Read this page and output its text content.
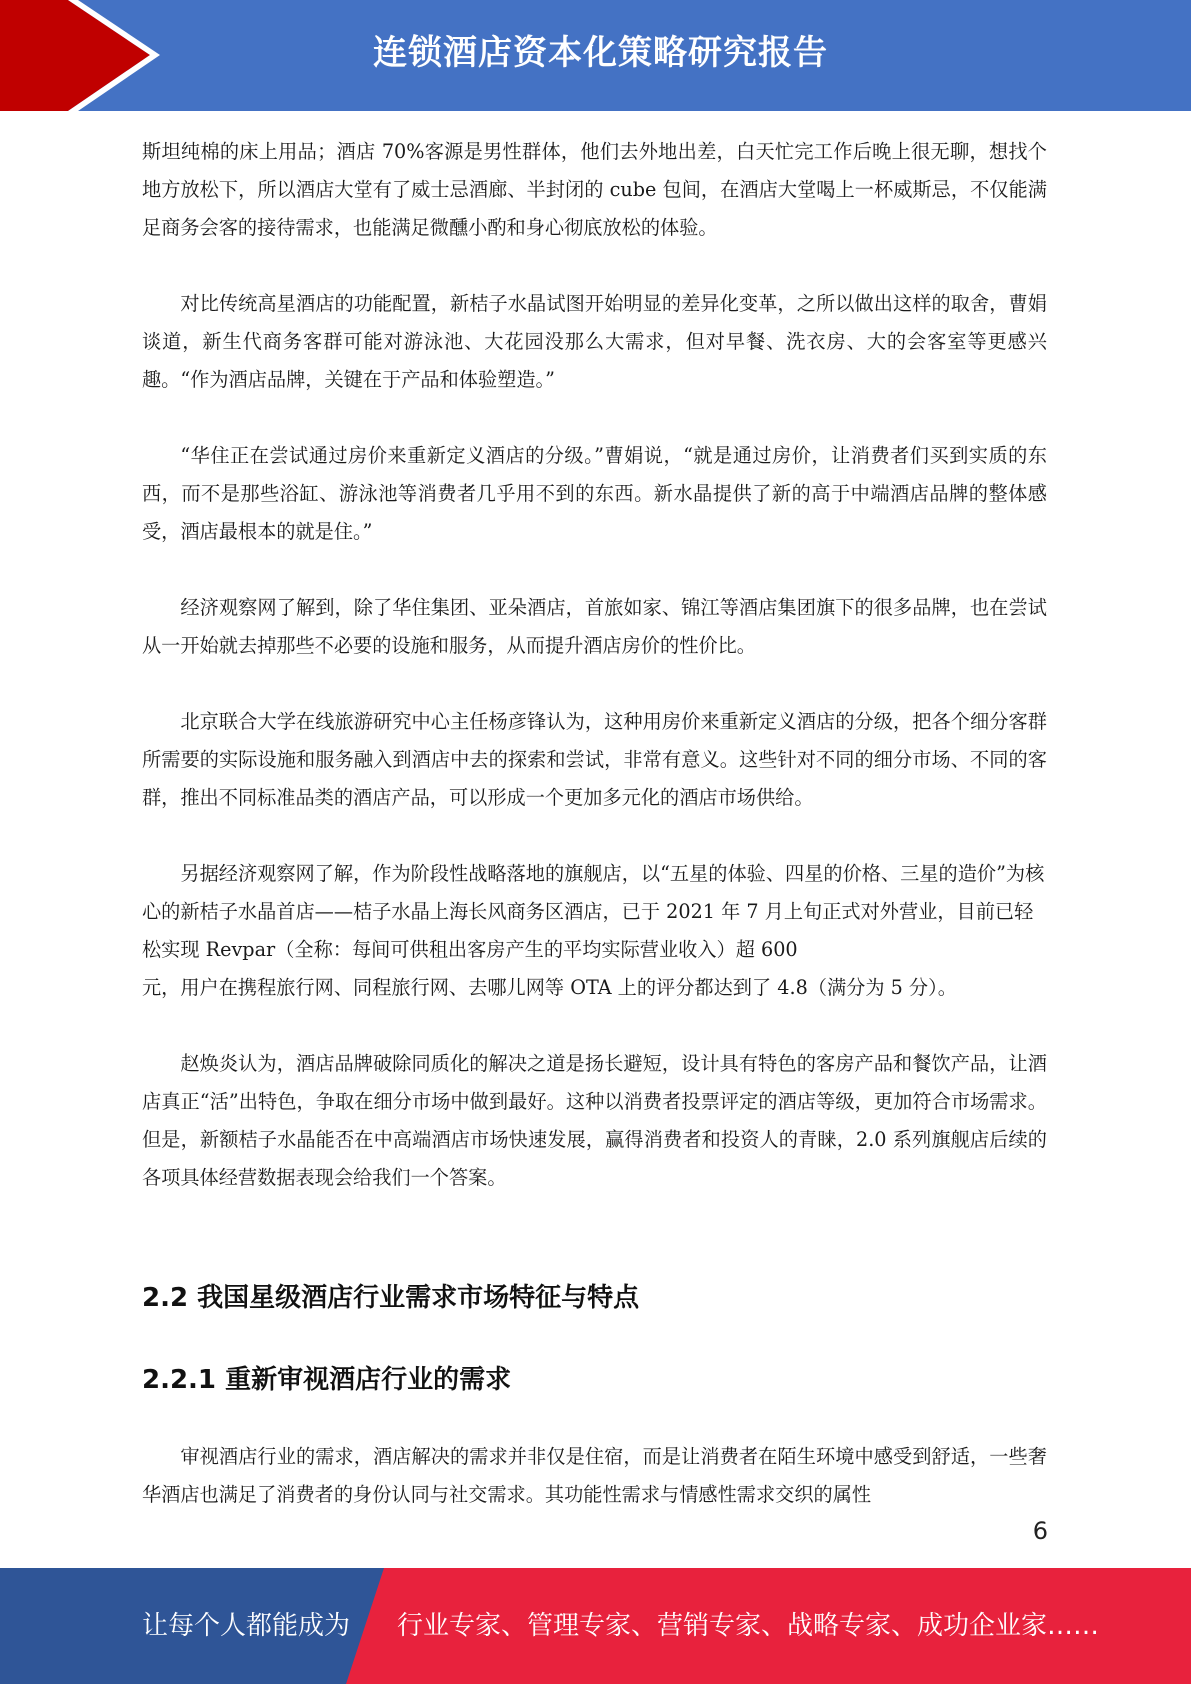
连锁酒店资本化策略研究报告

斯坦纯棉的床上用品；酒店 70%客源是男性群体，他们去外地出差，白天忙完工作后晚上很无聊，想找个地方放松下，所以酒店大堂有了威士忌酒廊、半封闭的 cube 包间，在酒店大堂喝上一杯威斯忌，不仅能满足商务会客的接待需求，也能满足微醺小酌和身心彻底放松的体验。

对比传统高星酒店的功能配置，新桔子水晶试图开始明显的差异化变革，之所以做出这样的取舍，曹娟谈道，新生代商务客群可能对游泳池、大花园没那么大需求，但对早餐、洗衣房、大的会客室等更感兴趣。“作为酒店品牌，关键在于产品和体验塑造。”

“华住正在尝试通过房价来重新定义酒店的分级。”曹娟说，“就是通过房价，让消费者们买到实质的东西，而不是那些浴缸、游泳池等消费者几乎用不到的东西。新水晶提供了新的高于中端酒店品牌的整体感受，酒店最根本的就是住。”

经济观察网了解到，除了华住集团、亚朵酒店，首旅如家、锦江等酒店集团旗下的很多品牌，也在尝试从一开始就去掉那些不必要的设施和服务，从而提升酒店房价的性价比。

北京联合大学在线旅游研究中心主任杨彦锋认为，这种用房价来重新定义酒店的分级，把各个细分客群所需要的实际设施和服务融入到酒店中去的探索和尝试，非常有意义。这些针对不同的细分市场、不同的客群，推出不同标准品类的酒店产品，可以形成一个更加多元化的酒店市场供给。

另据经济观察网了解，作为阶段性战略落地的旗舰店，以“五星的体验、四星的价格、三星的造价”为核心的新桔子水晶首店——桔子水晶上海长风商务区酒店，已于 2021 年 7 月上旬正式对外营业，目前已轻松实现 Revpar（全称：每间可供租出客房产生的平均实际营业收入）超 600
元，用户在携程旅行网、同程旅行网、去哪儿网等 OTA 上的评分都达到了 4.8（满分为 5 分）。

赵焕炎认为，酒店品牌破除同质化的解决之道是扬长避短，设计具有特色的客房产品和餐饮产品，让酒店真正“活”出特色，争取在细分市场中做到最好。这种以消费者投票评定的酒店等级，更加符合市场需求。但是，新额桔子水晶能否在中高端酒店市场快速发展，赢得消费者和投资人的青睐，2.0 系列旗舰店后续的各项具体经营数据表现会给我们一个答案。

2.2 我国星级酒店行业需求市场特征与特点
2.2.1 重新审视酒店行业的需求

审视酒店行业的需求，酒店解决的需求并非仅是住宿，而是让消费者在陌生环境中感受到舒适，一些奢华酒店也满足了消费者的身份认同与社交需求。其功能性需求与情感性需求交织的属性

6
让每个人都能成为 行业专家、管理专家、营销专家、战略专家、成功企业家……
